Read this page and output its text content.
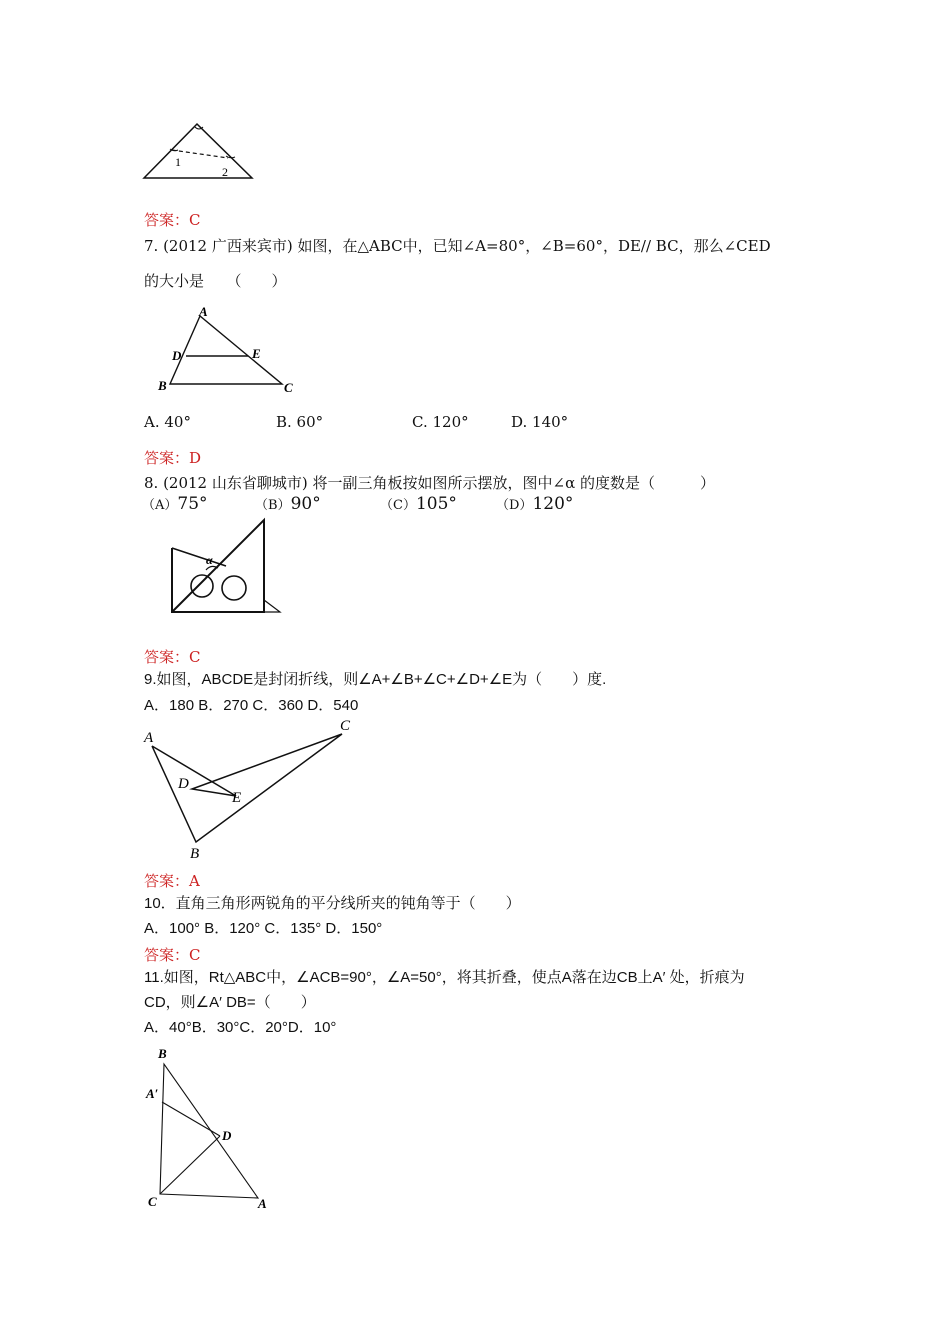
1
2
答案：C
7. (2012 广西来宾市) 如图，在△ABC中，已知∠A=80°，∠B=60°，DE// BC，那么∠CED
的大小是　　（　　）
A
D	E
B	C
A. 40°	B. 60°	C. 120°	D. 140°
答案：D
8. (2012 山东省聊城市) 将一副三角板按如图所示摆放，图中∠α 的度数是（　　　）
（A）75°	（B）90°	（C）105°	（D）120°
α
答案：C
9.如图，ABCDE是封闭折线，则∠A+∠B+∠C+∠D+∠E为（　　）度.
A．180 B．270 C．360 D．540
A
C
D
E
B
答案：A
10．直角三角形两锐角的平分线所夹的钝角等于（　　）
A．100° B．120° C．135° D．150°
答案：C
11.如图，Rt△ABC中，∠ACB=90°，∠A=50°，将其折叠，使点A落在边CB上A′ 处，折痕为
CD，则∠A′ DB=（　　）
A．40°B．30°C．20°D．10°
B
A′
D
C	A
